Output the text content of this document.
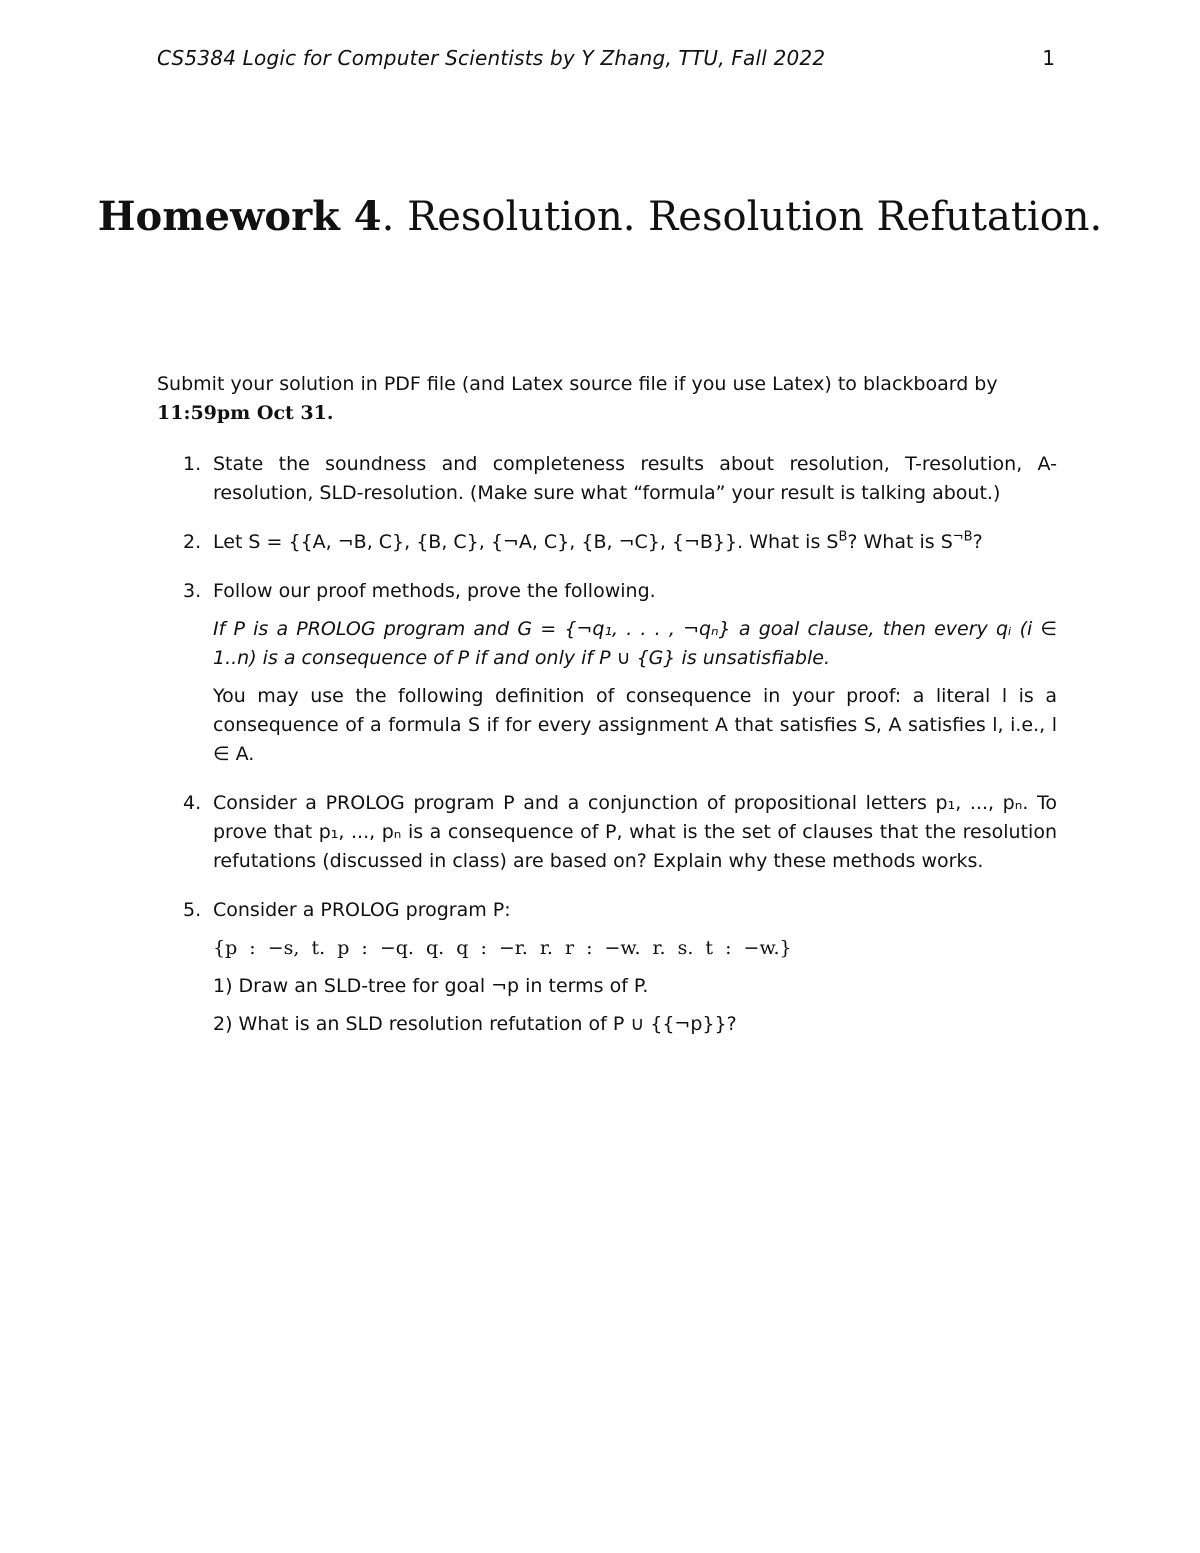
CS5384 Logic for Computer Scientists by Y Zhang, TTU, Fall 2022	1
Homework 4. Resolution. Resolution Refutation.

Submit your solution in PDF file (and Latex source file if you use Latex) to blackboard by
11:59pm Oct 31.

1. State the soundness and completeness results about resolution, T-resolution, A-resolution, SLD-resolution. (Make sure what “formula” your result is talking about.)
2. Let S = {{A, ¬B, C}, {B, C}, {¬A, C}, {B, ¬C}, {¬B}}. What is $S^B$? What is $S^{\neg B}$?
3. Follow our proof methods, prove the following.
If P is a PROLOG program and G = {¬q₁, . . . , ¬qₙ} a goal clause, then every qᵢ (i ∈ 1..n) is a consequence of P if and only if P ∪ {G} is unsatisfiable.
You may use the following definition of consequence in your proof: a literal l is a consequence of a formula S if for every assignment A that satisfies S, A satisfies l, i.e., l ∈ A.
4. Consider a PROLOG program P and a conjunction of propositional letters p₁, ..., pₙ. To prove that p₁, ..., pₙ is a consequence of P, what is the set of clauses that the resolution refutations (discussed in class) are based on? Explain why these methods works.
5. Consider a PROLOG program P:
{p : −s, t. p : −q. q. q : −r. r. r : −w. r. s. t : −w.}
1) Draw an SLD-tree for goal ¬p in terms of P.
2) What is an SLD resolution refutation of P ∪ {{¬p}}?
